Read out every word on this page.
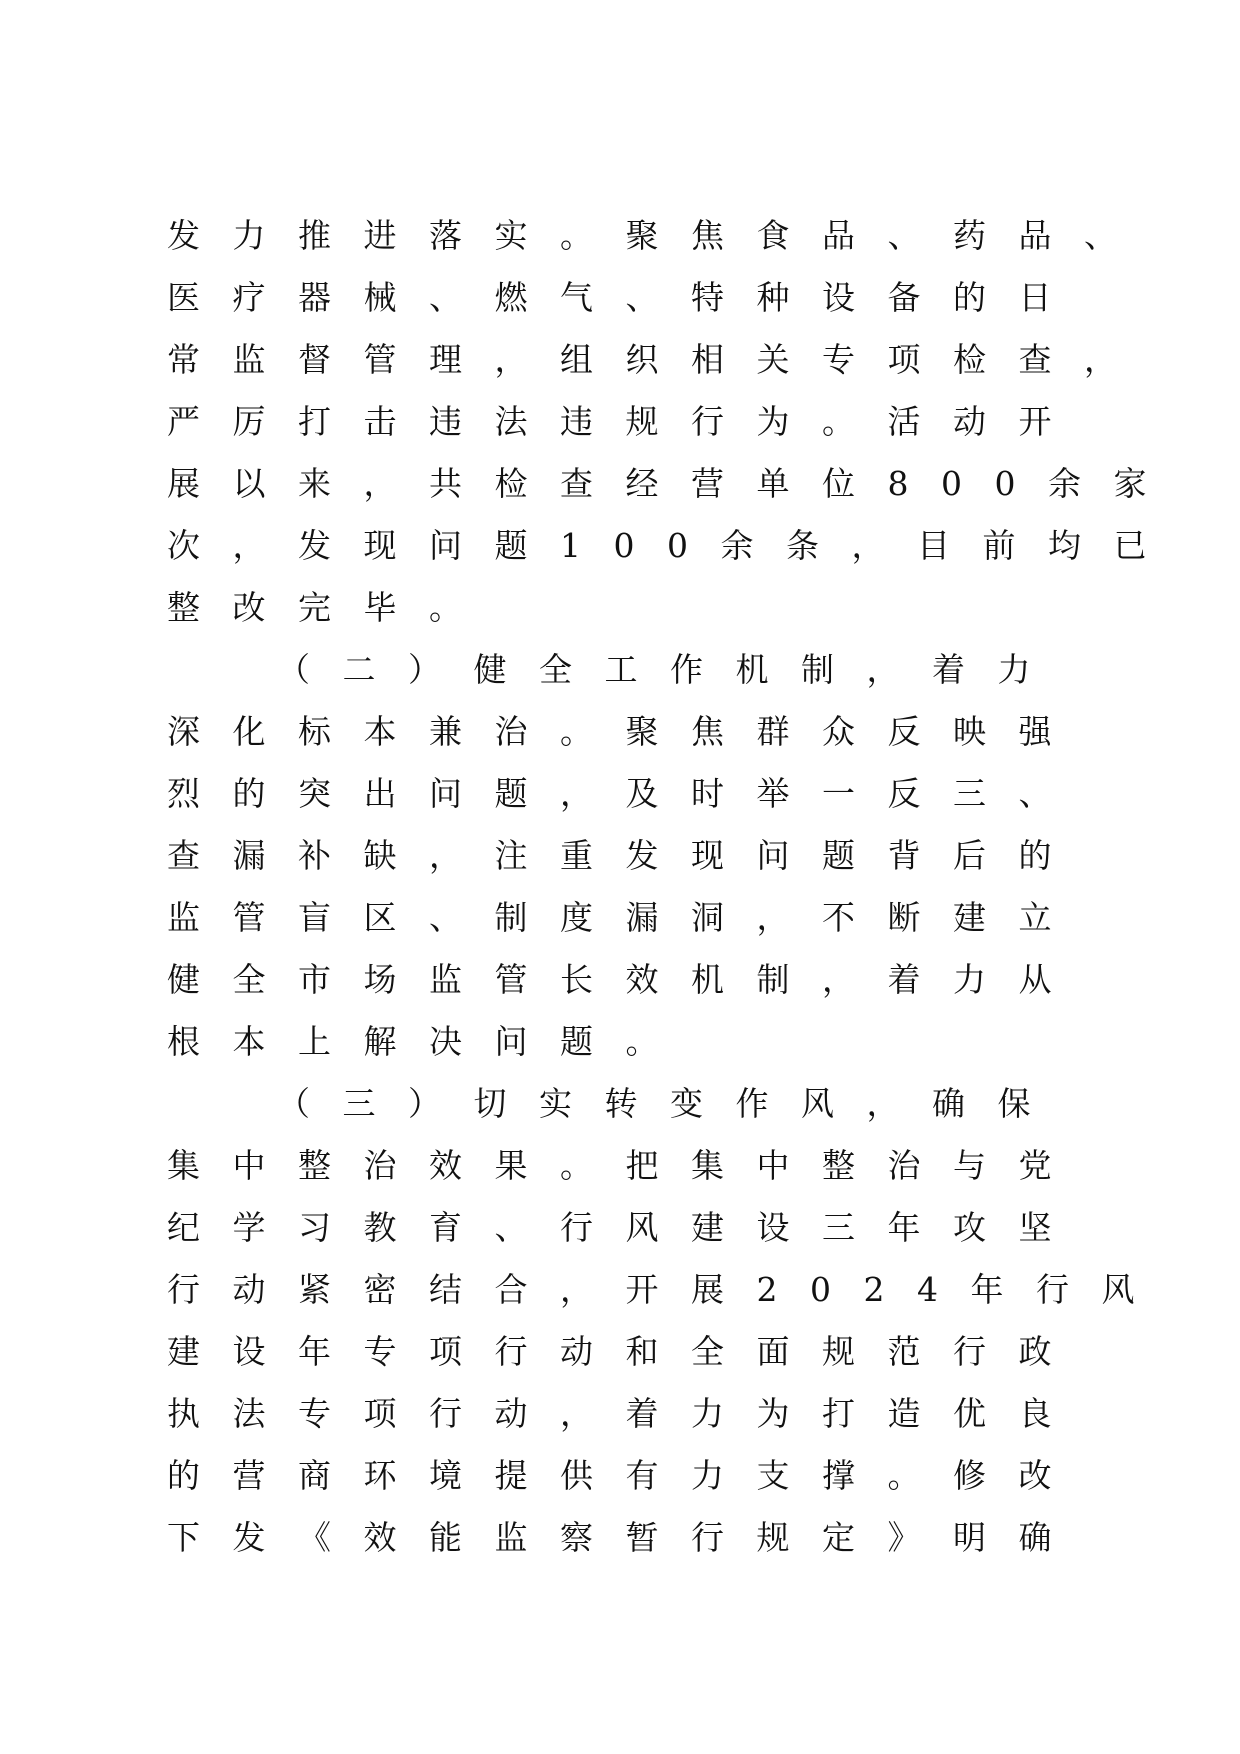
发力推进落实。聚焦食品、药品、
医疗器械、燃气、特种设备的日
常监督管理，组织相关专项检查，
严厉打击违法违规行为。活动开
展以来，共检查经营单位800余家
次，发现问题100余条，目前均已
整改完毕。
（二）健全工作机制，着力
深化标本兼治。聚焦群众反映强
烈的突出问题，及时举一反三、
查漏补缺，注重发现问题背后的
监管盲区、制度漏洞，不断建立
健全市场监管长效机制，着力从
根本上解决问题。
（三）切实转变作风，确保
集中整治效果。把集中整治与党
纪学习教育、行风建设三年攻坚
行动紧密结合，开展2024年行风
建设年专项行动和全面规范行政
执法专项行动，着力为打造优良
的营商环境提供有力支撑。修改
下发《效能监察暂行规定》明确
